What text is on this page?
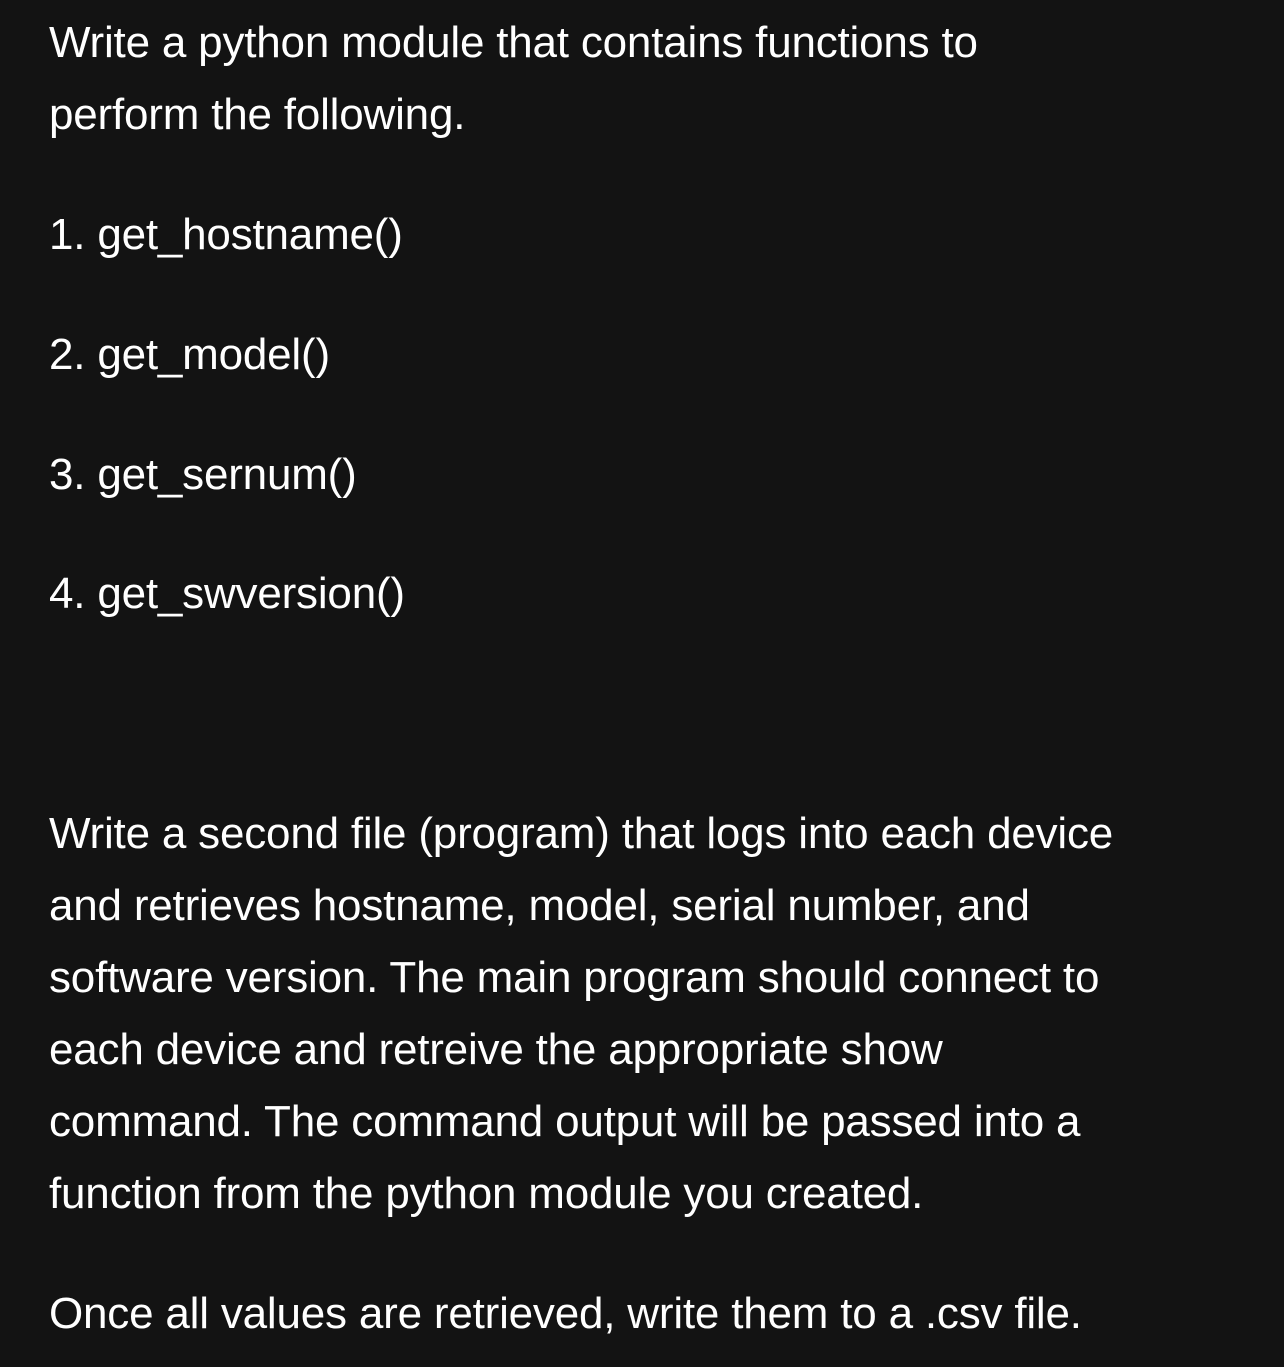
Write a python module that contains functions to
perform the following.
1. get_hostname()
2. get_model()
3. get_sernum()
4. get_swversion()
Write a second file (program) that logs into each device
and retrieves hostname, model, serial number, and
software version. The main program should connect to
each device and retreive the appropriate show
command. The command output will be passed into a
function from the python module you created.
Once all values are retrieved, write them to a .csv file.
